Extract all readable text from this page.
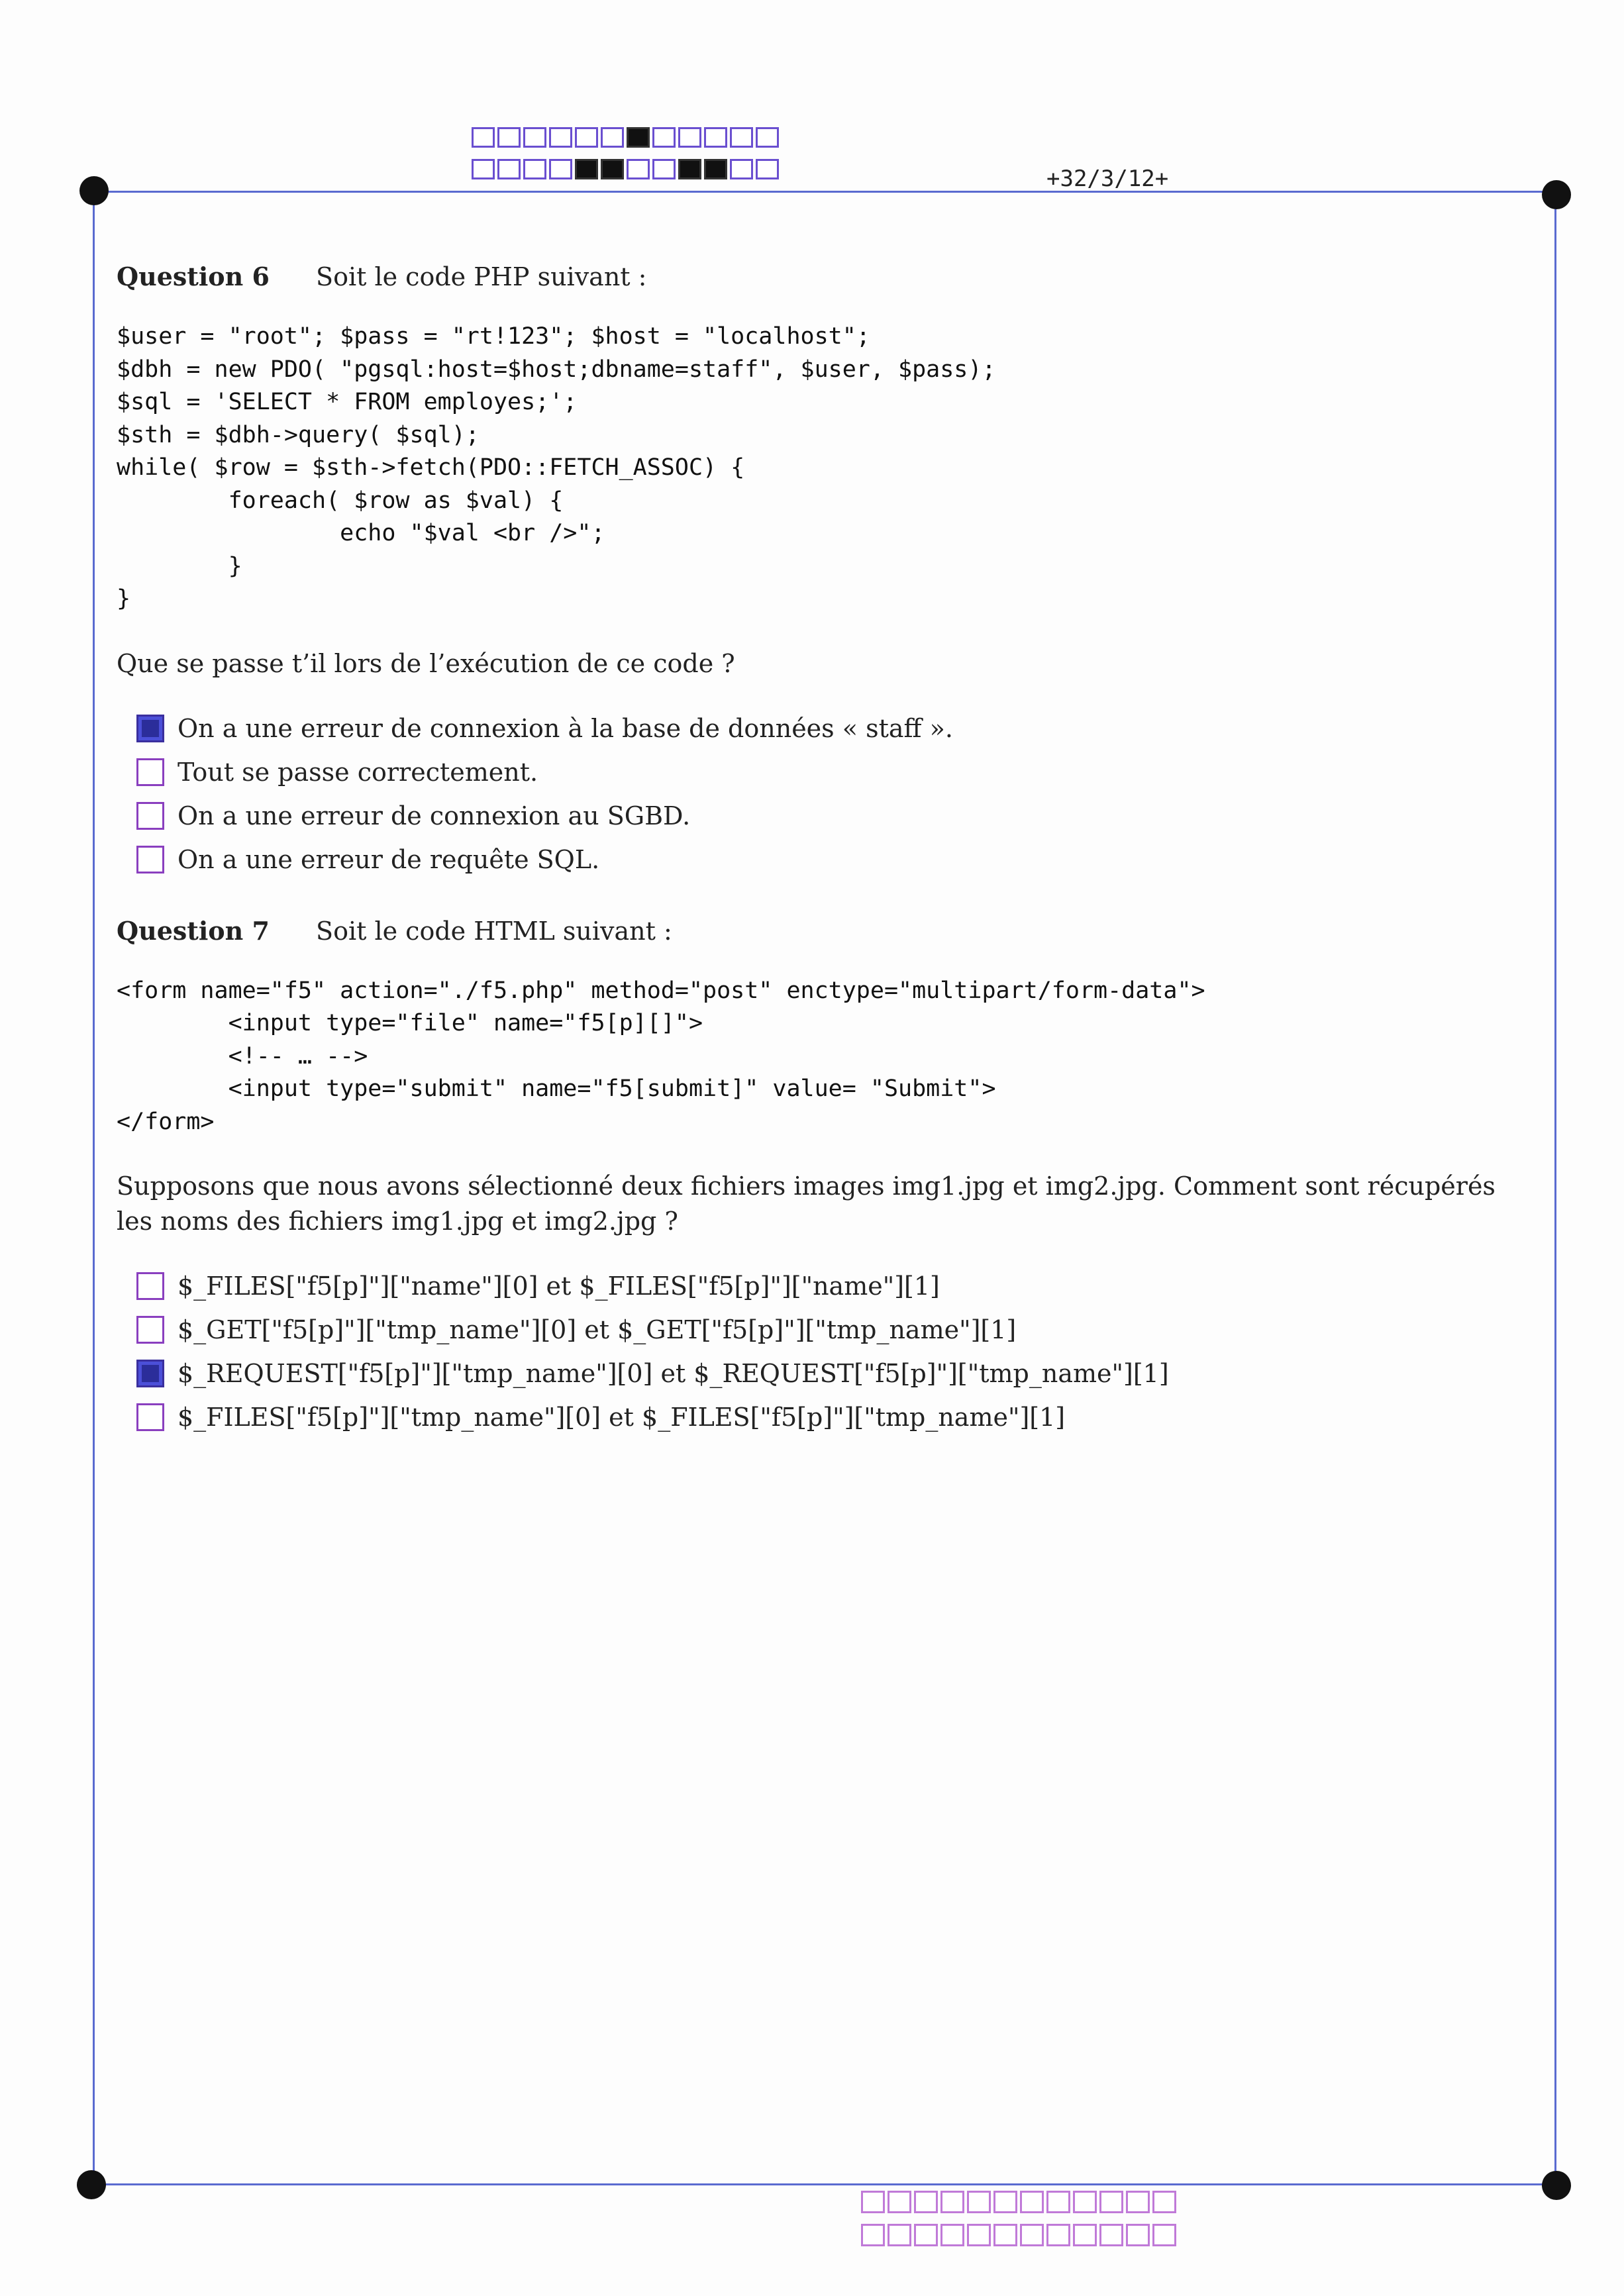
+32/3/12+
Question 6 Soit le code PHP suivant :
$user = "root"; $pass = "rt!123"; $host = "localhost";
$dbh = new PDO( "pgsql:host=$host;dbname=staff", $user, $pass);
$sql = 'SELECT * FROM employes;';
$sth = $dbh->query( $sql);
while( $row = $sth->fetch(PDO::FETCH_ASSOC) {
foreach( $row as $val) {
echo "$val <br />";
}
}

Que se passe t’il lors de l’exécution de ce code ?

On a une erreur de connexion à la base de données « staff ».
Tout se passe correctement.
On a une erreur de connexion au SGBD.
On a une erreur de requête SQL.
Question 7 Soit le code HTML suivant :
<form name="f5" action="./f5.php" method="post" enctype="multipart/form-data">
<input type="file" name="f5[p][]">
<!-- … -->
<input type="submit" name="f5[submit]" value= "Submit">
</form>

Supposons que nous avons sélectionné deux fichiers images img1.jpg et img2.jpg. Comment sont récupérés les noms des fichiers img1.jpg et img2.jpg ?

$_FILES["f5[p]"]["name"][0] et $_FILES["f5[p]"]["name"][1]
$_GET["f5[p]"]["tmp_name"][0] et $_GET["f5[p]"]["tmp_name"][1]
$_REQUEST["f5[p]"]["tmp_name"][0] et $_REQUEST["f5[p]"]["tmp_name"][1]
$_FILES["f5[p]"]["tmp_name"][0] et $_FILES["f5[p]"]["tmp_name"][1]
